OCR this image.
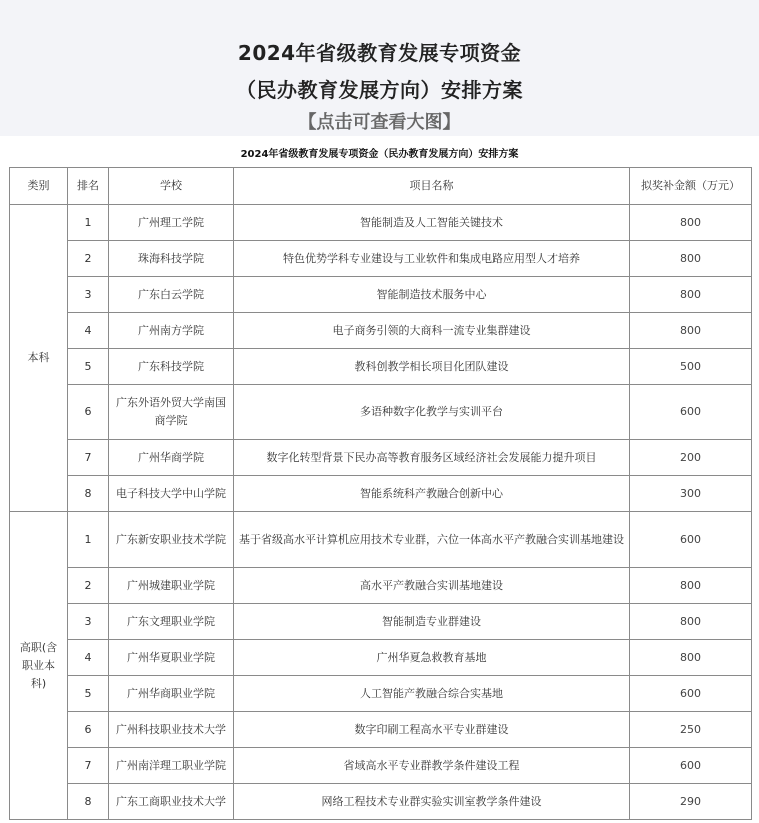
2024年省级教育发展专项资金
（民办教育发展方向）安排方案
【点击可查看大图】
2024年省级教育发展专项资金（民办教育发展方向）安排方案
类别	排名	学校	项目名称	拟奖补金额（万元）
本科	1	广州理工学院	智能制造及人工智能关键技术	800
	2	珠海科技学院	特色优势学科专业建设与工业软件和集成电路应用型人才培养	800
	3	广东白云学院	智能制造技术服务中心	800
	4	广州南方学院	电子商务引领的大商科一流专业集群建设	800
	5	广东科技学院	教科创教学相长项目化团队建设	500
	6	广东外语外贸大学南国商学院	多语种数字化教学与实训平台	600
	7	广州华商学院	数字化转型背景下民办高等教育服务区域经济社会发展能力提升项目	200
	8	电子科技大学中山学院	智能系统科产教融合创新中心	300
高职(含职业本科)	1	广东新安职业技术学院	基于省级高水平计算机应用技术专业群，六位一体高水平产教融合实训基地建设	600
	2	广州城建职业学院	高水平产教融合实训基地建设	800
	3	广东文理职业学院	智能制造专业群建设	800
	4	广州华夏职业学院	广州华夏急救教育基地	800
	5	广州华商职业学院	人工智能产教融合综合实基地	600
	6	广州科技职业技术大学	数字印刷工程高水平专业群建设	250
	7	广州南洋理工职业学院	省域高水平专业群教学条件建设工程	600
	8	广东工商职业技术大学	网络工程技术专业群实验实训室教学条件建设	290
